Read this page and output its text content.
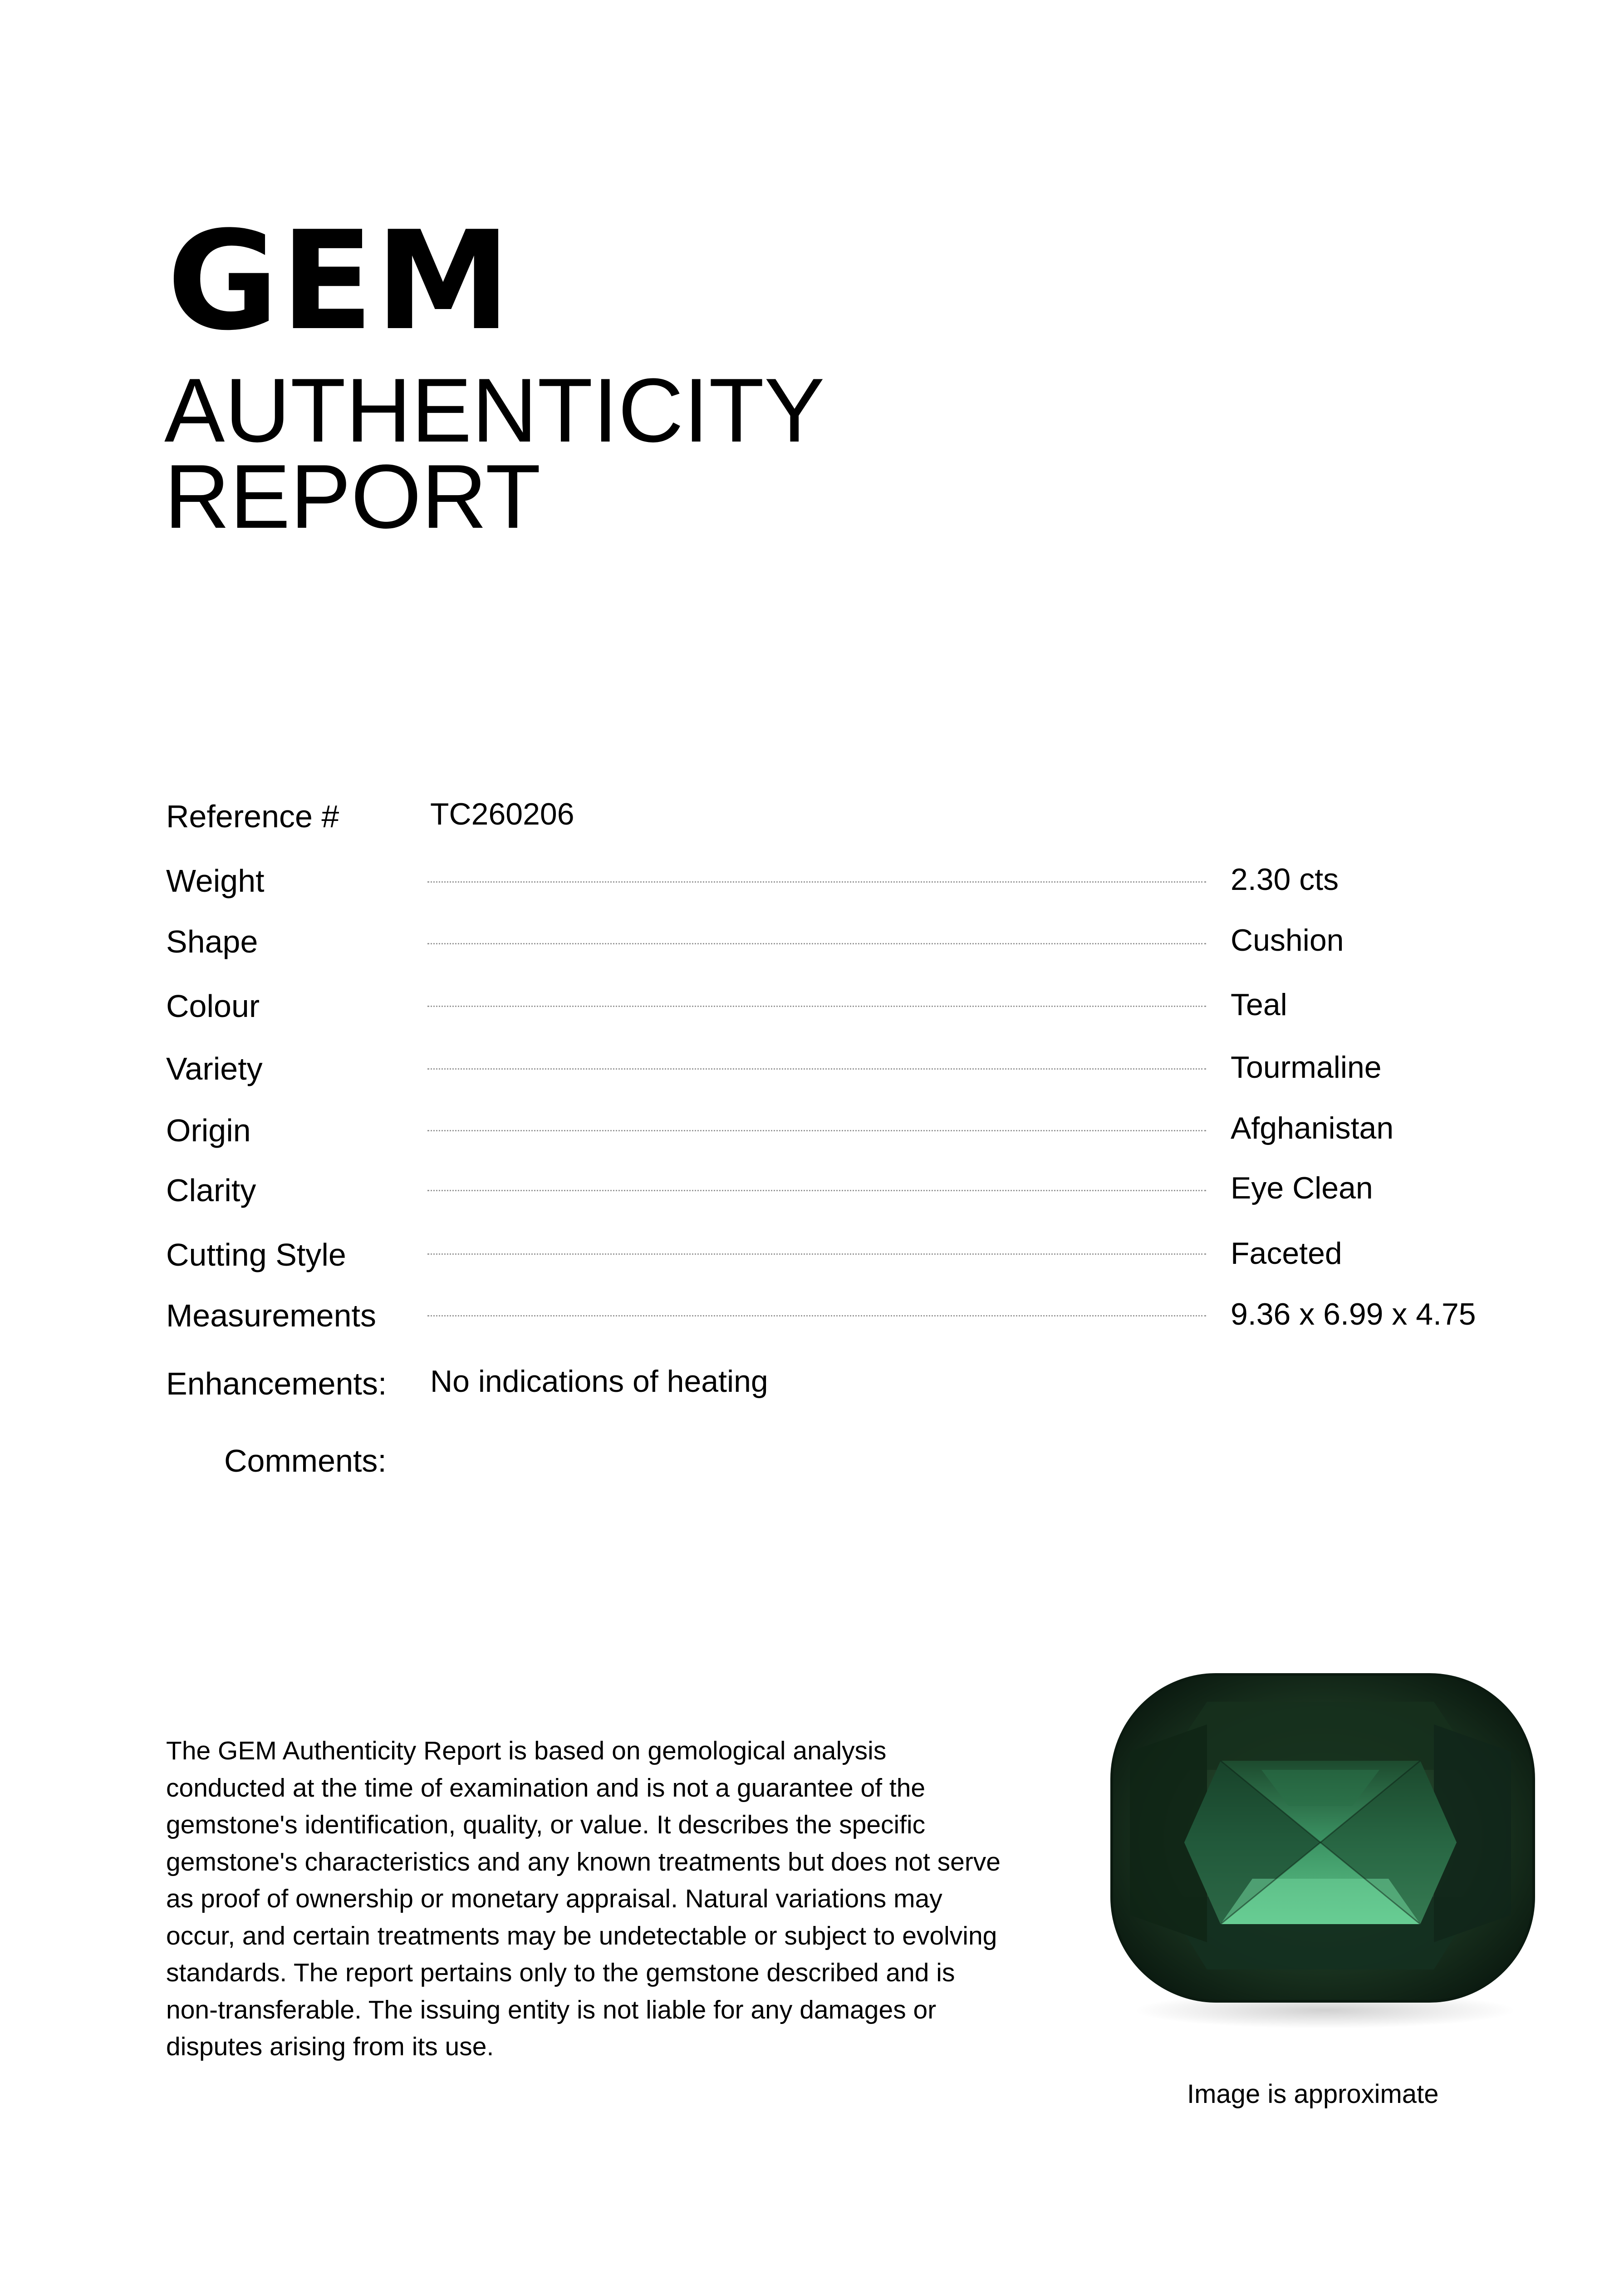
GEM
AUTHENTICITY
REPORT
Reference #	TC260206
Weight	2.30 cts
Shape	Cushion
Colour	Teal
Variety	Tourmaline
Origin	Afghanistan
Clarity	Eye Clean
Cutting Style	Faceted
Measurements	9.36 x 6.99 x 4.75
Enhancements: No indications of heating
Comments:
The GEM Authenticity Report is based on gemological analysis conducted at the time of examination and is not a guarantee of the gemstone's identification, quality, or value. It describes the specific gemstone's characteristics and any known treatments but does not serve as proof of ownership or monetary appraisal. Natural variations may occur, and certain treatments may be undetectable or subject to evolving standards. The report pertains only to the gemstone described and is non-transferable. The issuing entity is not liable for any damages or disputes arising from its use.
Image is approximate
